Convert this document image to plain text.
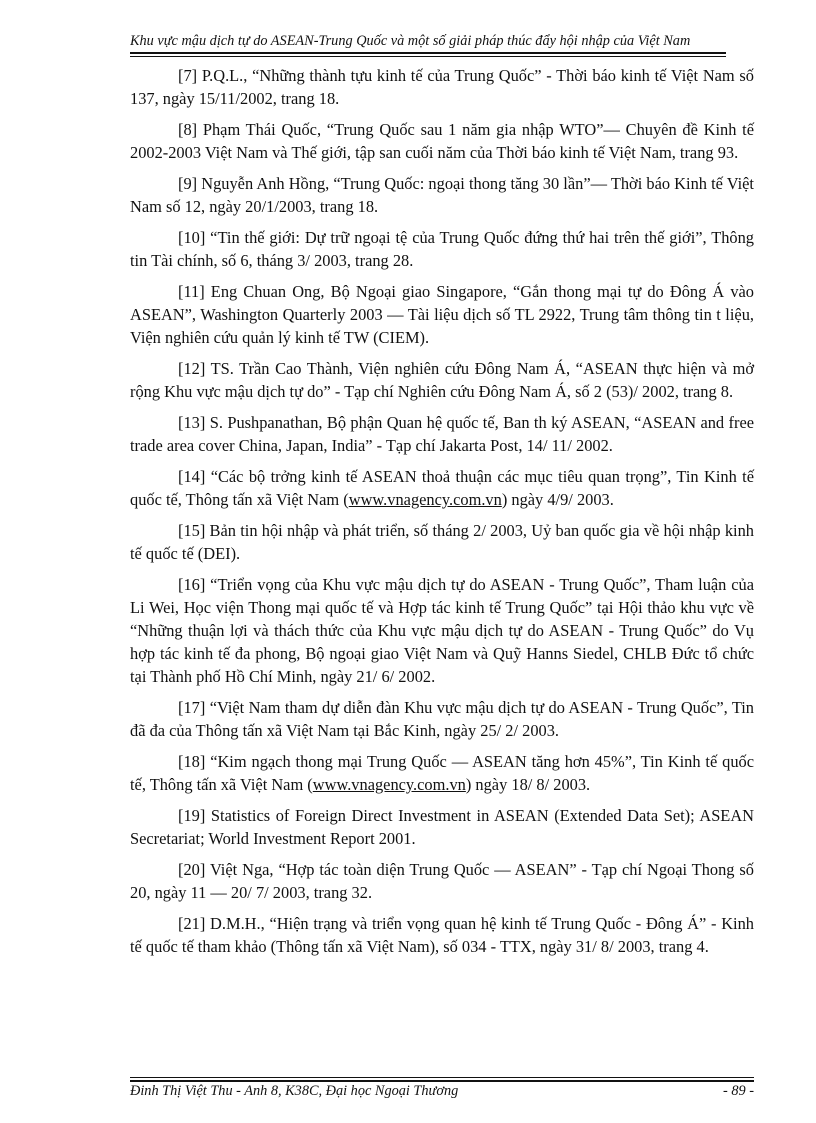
Khu vực mậu dịch tự do ASEAN-Trung Quốc và một số giải pháp thúc đẩy hội nhập của Việt Nam

[7] P.Q.L., “Những thành tựu kinh tế của Trung Quốc” - Thời báo kinh tế Việt Nam số 137, ngày 15/11/2002, trang 18.

[8] Phạm Thái Quốc, “Trung Quốc sau 1 năm gia nhập WTO”— Chuyên đề Kinh tế 2002-2003 Việt Nam và Thế giới, tập san cuối năm của Thời báo kinh tế Việt Nam, trang 93.

[9] Nguyễn Anh Hồng, “Trung Quốc: ngoại thong tăng 30 lần”— Thời báo Kinh tế Việt Nam số 12, ngày 20/1/2003, trang 18.

[10] “Tin thế giới: Dự trữ ngoại tệ của Trung Quốc đứng thứ hai trên thế giới”, Thông tin Tài chính, số 6, tháng 3/ 2003, trang 28.

[11] Eng Chuan Ong, Bộ Ngoại giao Singapore, “Gắn thong mại tự do Đông Á vào ASEAN”, Washington Quarterly 2003 — Tài liệu dịch số TL 2922, Trung tâm thông tin t liệu, Viện nghiên cứu quản lý kinh tế TW (CIEM).

[12] TS. Trần Cao Thành, Viện nghiên cứu Đông Nam Á, “ASEAN thực hiện và mở rộng Khu vực mậu dịch tự do” - Tạp chí Nghiên cứu Đông Nam Á, số 2 (53)/ 2002, trang 8.

[13] S. Pushpanathan, Bộ phận Quan hệ quốc tế, Ban th ký ASEAN, “ASEAN and free trade area cover China, Japan, India” - Tạp chí Jakarta Post, 14/ 11/ 2002.

[14] “Các bộ trởng kinh tế ASEAN thoả thuận các mục tiêu quan trọng”, Tin Kinh tế quốc tế, Thông tấn xã Việt Nam (www.vnagency.com.vn) ngày 4/9/ 2003.

[15] Bản tin hội nhập và phát triển, số tháng 2/ 2003, Uỷ ban quốc gia về hội nhập kinh tế quốc tế (DEI).

[16] “Triển vọng của Khu vực mậu dịch tự do ASEAN - Trung Quốc”, Tham luận của Li Wei, Học viện Thong mại quốc tế và Hợp tác kinh tế Trung Quốc” tại Hội thảo khu vực về “Những thuận lợi và thách thức của Khu vực mậu dịch tự do ASEAN - Trung Quốc” do Vụ hợp tác kinh tế đa phong, Bộ ngoại giao Việt Nam và Quỹ Hanns Siedel, CHLB Đức tổ chức tại Thành phố Hồ Chí Minh, ngày 21/ 6/ 2002.

[17] “Việt Nam tham dự diễn đàn Khu vực mậu dịch tự do ASEAN - Trung Quốc”, Tin đã đa của Thông tấn xã Việt Nam tại Bắc Kinh, ngày 25/ 2/ 2003.

[18] “Kim ngạch thong mại Trung Quốc — ASEAN tăng hơn 45%”, Tin Kinh tế quốc tế, Thông tấn xã Việt Nam (www.vnagency.com.vn) ngày 18/ 8/ 2003.

[19] Statistics of Foreign Direct Investment in ASEAN (Extended Data Set); ASEAN Secretariat; World Investment Report 2001.

[20] Việt Nga, “Hợp tác toàn diện Trung Quốc — ASEAN” - Tạp chí Ngoại Thong số 20, ngày 11 — 20/ 7/ 2003, trang 32.

[21] D.M.H., “Hiện trạng và triển vọng quan hệ kinh tế Trung Quốc - Đông Á” - Kinh tế quốc tế tham khảo (Thông tấn xã Việt Nam), số 034 - TTX, ngày 31/ 8/ 2003, trang 4.

Đinh Thị Việt Thu - Anh 8, K38C, Đại học Ngoại Thương	- 89 -
